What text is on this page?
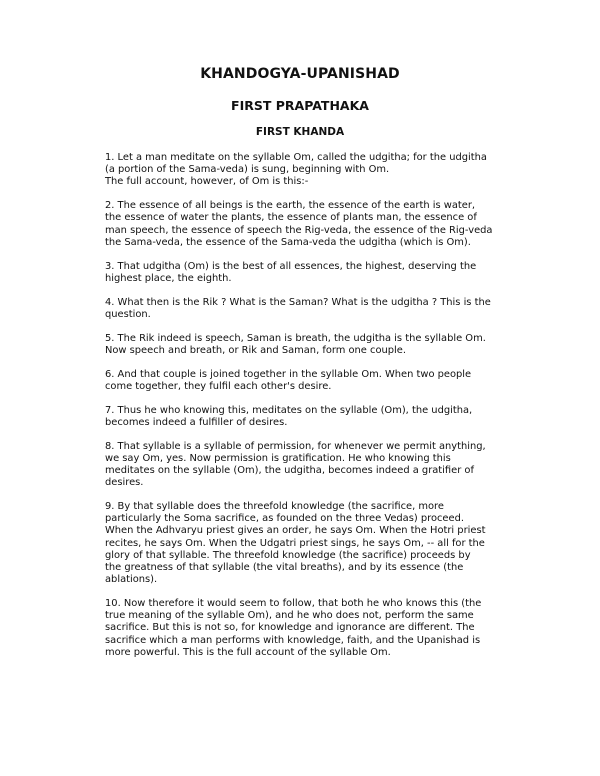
KHANDOGYA-UPANISHAD
FIRST PRAPATHAKA
FIRST KHANDA

1. Let a man meditate on the syllable Om, called the udgitha; for the udgitha
(a portion of the Sama-veda) is sung, beginning with Om.
The full account, however, of Om is this:-

2. The essence of all beings is the earth, the essence of the earth is water,
the essence of water the plants, the essence of plants man, the essence of
man speech, the essence of speech the Rig-veda, the essence of the Rig-veda
the Sama-veda, the essence of the Sama-veda the udgitha (which is Om).

3. That udgitha (Om) is the best of all essences, the highest, deserving the
highest place, the eighth.

4. What then is the Rik ? What is the Saman? What is the udgitha ? This is the
question.

5. The Rik indeed is speech, Saman is breath, the udgitha is the syllable Om.
Now speech and breath, or Rik and Saman, form one couple.

6. And that couple is joined together in the syllable Om. When two people
come together, they fulfil each other's desire.

7. Thus he who knowing this, meditates on the syllable (Om), the udgitha,
becomes indeed a fulfiller of desires.

8. That syllable is a syllable of permission, for whenever we permit anything,
we say Om, yes. Now permission is gratification. He who knowing this
meditates on the syllable (Om), the udgitha, becomes indeed a gratifier of
desires.

9. By that syllable does the threefold knowledge (the sacrifice, more
particularly the Soma sacrifice, as founded on the three Vedas) proceed.
When the Adhvaryu priest gives an order, he says Om. When the Hotri priest
recites, he says Om. When the Udgatri priest sings, he says Om, -- all for the
glory of that syllable. The threefold knowledge (the sacrifice) proceeds by
the greatness of that syllable (the vital breaths), and by its essence (the
ablations).

10. Now therefore it would seem to follow, that both he who knows this (the
true meaning of the syllable Om), and he who does not, perform the same
sacrifice. But this is not so, for knowledge and ignorance are different. The
sacrifice which a man performs with knowledge, faith, and the Upanishad is
more powerful. This is the full account of the syllable Om.
